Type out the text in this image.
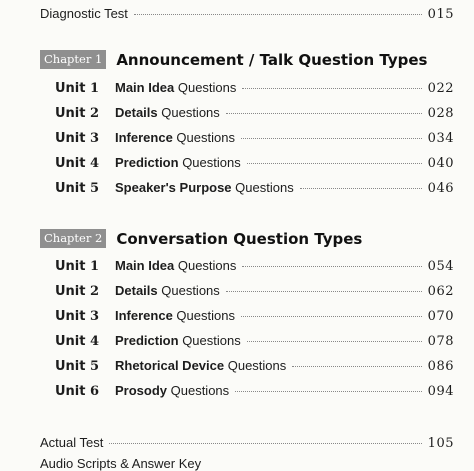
Diagnostic Test	015
Chapter 1 Announcement / Talk Question Types
Unit 1	Main Idea Questions	022
Unit 2	Details Questions	028
Unit 3	Inference Questions	034
Unit 4	Prediction Questions	040
Unit 5	Speaker's Purpose Questions	046
Chapter 2 Conversation Question Types
Unit 1	Main Idea Questions	054
Unit 2	Details Questions	062
Unit 3	Inference Questions	070
Unit 4	Prediction Questions	078
Unit 5	Rhetorical Device Questions	086
Unit 6	Prosody Questions	094
Actual Test	105
Audio Scripts & Answer Key
